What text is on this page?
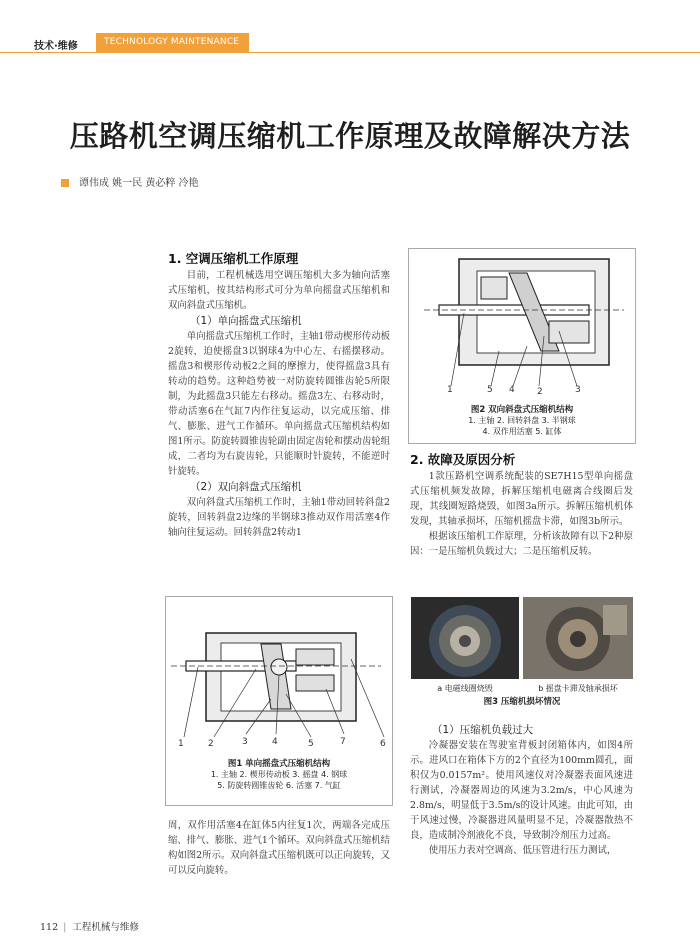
技术·维修	TECHNOLOGY MAINTENANCE
压路机空调压缩机工作原理及故障解决方法
谭伟成 姚一民 黄必粹 冷艳
1. 空调压缩机工作原理

目前，工程机械选用空调压缩机大多为轴向活塞式压缩机，按其结构形式可分为单向摇盘式压缩机和双向斜盘式压缩机。

（1）单向摇盘式压缩机

单向摇盘式压缩机工作时，主轴1带动楔形传动板2旋转，迫使摇盘3以钢球4为中心左、右摇摆移动。摇盘3和楔形传动板2之间的摩擦力，使得摇盘3具有转动的趋势。这种趋势被一对防旋转圆锥齿轮5所限制，为此摇盘3只能左右移动。摇盘3左、右移动时，带动活塞6在气缸7内作往复运动，以完成压缩、排气、膨胀、进气工作循环。单向摇盘式压缩机结构如图1所示。防旋转圆锥齿轮副由固定齿轮和摆动齿轮组成，二者均为右旋齿轮，只能顺时针旋转，不能逆时针旋转。

（2）双向斜盘式压缩机

双向斜盘式压缩机工作时，主轴1带动回转斜盘2旋转，回转斜盘2边缘的半钢球3推动双作用活塞4作轴向往复运动。回转斜盘2转动1

1	2	3	4	5	7	6
图1 单向摇盘式压缩机结构
1. 主轴 2. 楔形传动板 3. 摇盘 4. 钢球
5. 防旋转圆锥齿轮 6. 活塞 7. 气缸

周，双作用活塞4在缸体5内往复1次，两端各完成压缩、排气、膨胀、进气1个循环。双向斜盘式压缩机结构如图2所示。双向斜盘式压缩机既可以正向旋转，又可以反向旋转。

1	5 4 2	3
图2 双向斜盘式压缩机结构
1. 主轴 2. 回转斜盘 3. 半钢球
4. 双作用活塞 5. 缸体
2. 故障及原因分析

1款压路机空调系统配装的SE7H15型单向摇盘式压缩机频发故障，拆解压缩机电磁离合线圈后发现，其线圈短路烧毁，如图3a所示。拆解压缩机机体发现，其轴承损坏，压缩机摇盘卡滞，如图3b所示。

根据该压缩机工作原理，分析该故障有以下2种原因：一是压缩机负载过大；二是压缩机反转。

a 电磁线圈烧毁	b 摇盘卡滞及轴承损坏
图3 压缩机损坏情况
（1）压缩机负载过大

冷凝器安装在驾驶室背板封闭箱体内，如图4所示。进风口在箱体下方的2个直径为100mm圆孔，面积仅为0.0157m²。使用风速仪对冷凝器表面风速进行测试，冷凝器周边的风速为3.2m/s，中心风速为2.8m/s，明显低于3.5m/s的设计风速。由此可知，由于风速过慢，冷凝器进风量明显不足，冷凝器散热不良，造成制冷剂液化不良，导致制冷剂压力过高。

使用压力表对空调高、低压管进行压力测试，

112 | 工程机械与维修
